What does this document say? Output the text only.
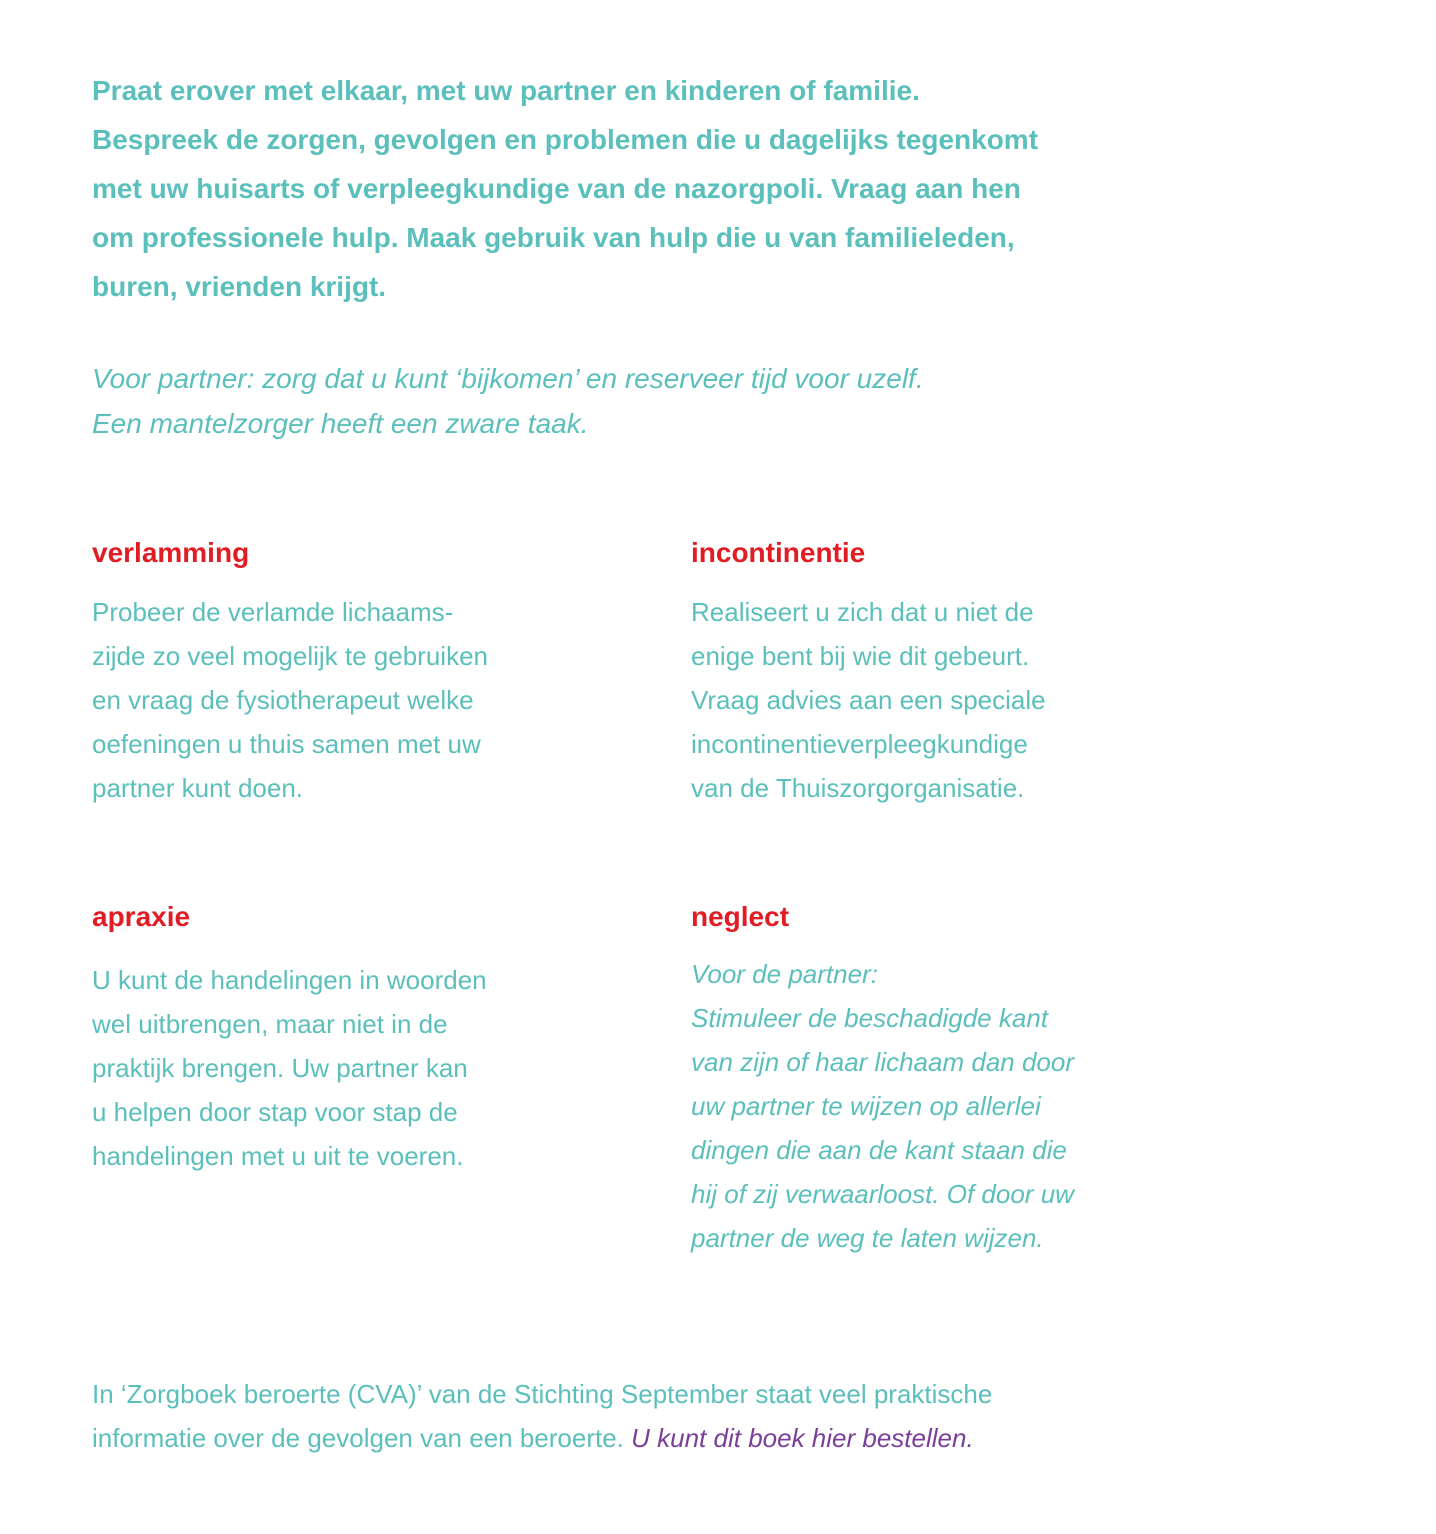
Praat erover met elkaar, met uw partner en kinderen of familie.
Bespreek de zorgen, gevolgen en problemen die u dagelijks tegenkomt
met uw huisarts of verpleegkundige van de nazorgpoli. Vraag aan hen
om professionele hulp. Maak gebruik van hulp die u van familieleden,
buren, vrienden krijgt.
Voor partner: zorg dat u kunt ‘bijkomen’ en reserveer tijd voor uzelf.
Een mantelzorger heeft een zware taak.
verlamming
Probeer de verlamde lichaams-
zijde zo veel mogelijk te gebruiken
en vraag de fysiotherapeut welke
oefeningen u thuis samen met uw
partner kunt doen.
incontinentie
Realiseert u zich dat u niet de
enige bent bij wie dit gebeurt.
Vraag advies aan een speciale
incontinentieverpleegkundige
van de Thuiszorgorganisatie.
apraxie
U kunt de handelingen in woorden
wel uitbrengen, maar niet in de
praktijk brengen. Uw partner kan
u helpen door stap voor stap de
handelingen met u uit te voeren.
neglect
Voor de partner:
Stimuleer de beschadigde kant
van zijn of haar lichaam dan door
uw partner te wijzen op allerlei
dingen die aan de kant staan die
hij of zij verwaarloost. Of door uw
partner de weg te laten wijzen.
In ‘Zorgboek beroerte (CVA)’ van de Stichting September staat veel praktische
informatie over de gevolgen van een beroerte. U kunt dit boek hier bestellen.
